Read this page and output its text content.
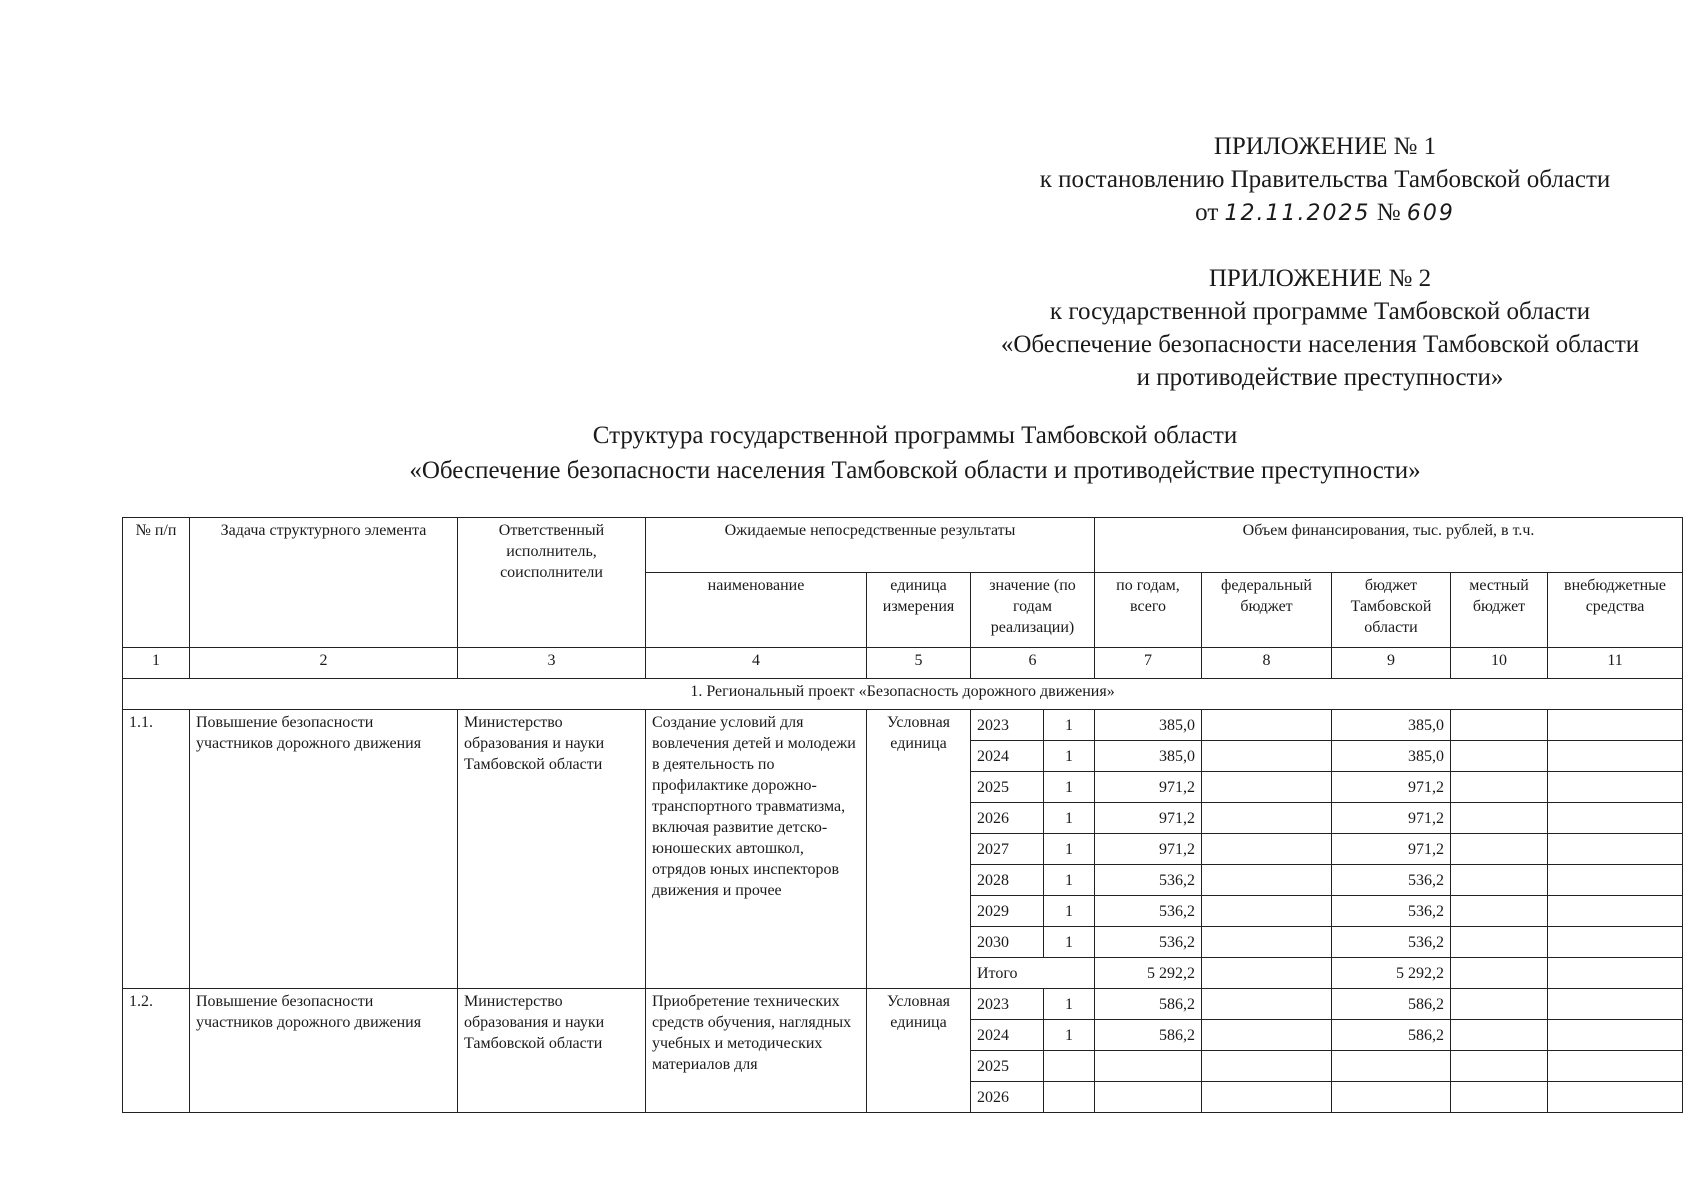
ПРИЛОЖЕНИЕ № 1
к постановлению Правительства Тамбовской области
от 12.11.2025 № 609
ПРИЛОЖЕНИЕ № 2
к государственной программе Тамбовской области
«Обеспечение безопасности населения Тамбовской области
и противодействие преступности»
Структура государственной программы Тамбовской области
«Обеспечение безопасности населения Тамбовской области и противодействие преступности»
№ п/п	Задача структурного элемента	Ответственный исполнитель, соисполнители	Ожидаемые непосредственные результаты				Объем финансирования, тыс. рублей, в т.ч.				
			наименование	единица измерения	значение (по годам реализации)		по годам, всего	федеральный бюджет	бюджет Тамбовской области	местный бюджет	внебюджетные средства
1	2	3	4	5	6		7	8	9	10	11
1. Региональный проект «Безопасность дорожного движения»											
1.1.	Повышение безопасности участников дорожного движения	Министерство образования и науки Тамбовской области	Создание условий для вовлечения детей и молодежи в деятельность по профилактике дорожно-транспортного травматизма, включая развитие детско-юношеских автошкол, отрядов юных инспекторов движения и прочее	Условная единица	2023	1	385,0		385,0		
					2024	1	385,0		385,0		
					2025	1	971,2		971,2		
					2026	1	971,2		971,2		
					2027	1	971,2		971,2		
					2028	1	536,2		536,2		
					2029	1	536,2		536,2		
					2030	1	536,2		536,2		
					Итого		5 292,2		5 292,2		
1.2.	Повышение безопасности участников дорожного движения	Министерство образования и науки Тамбовской области	Приобретение технических средств обучения, наглядных учебных и методических материалов для	Условная единица	2023	1	586,2		586,2		
					2024	1	586,2		586,2		
					2025						
					2026						
